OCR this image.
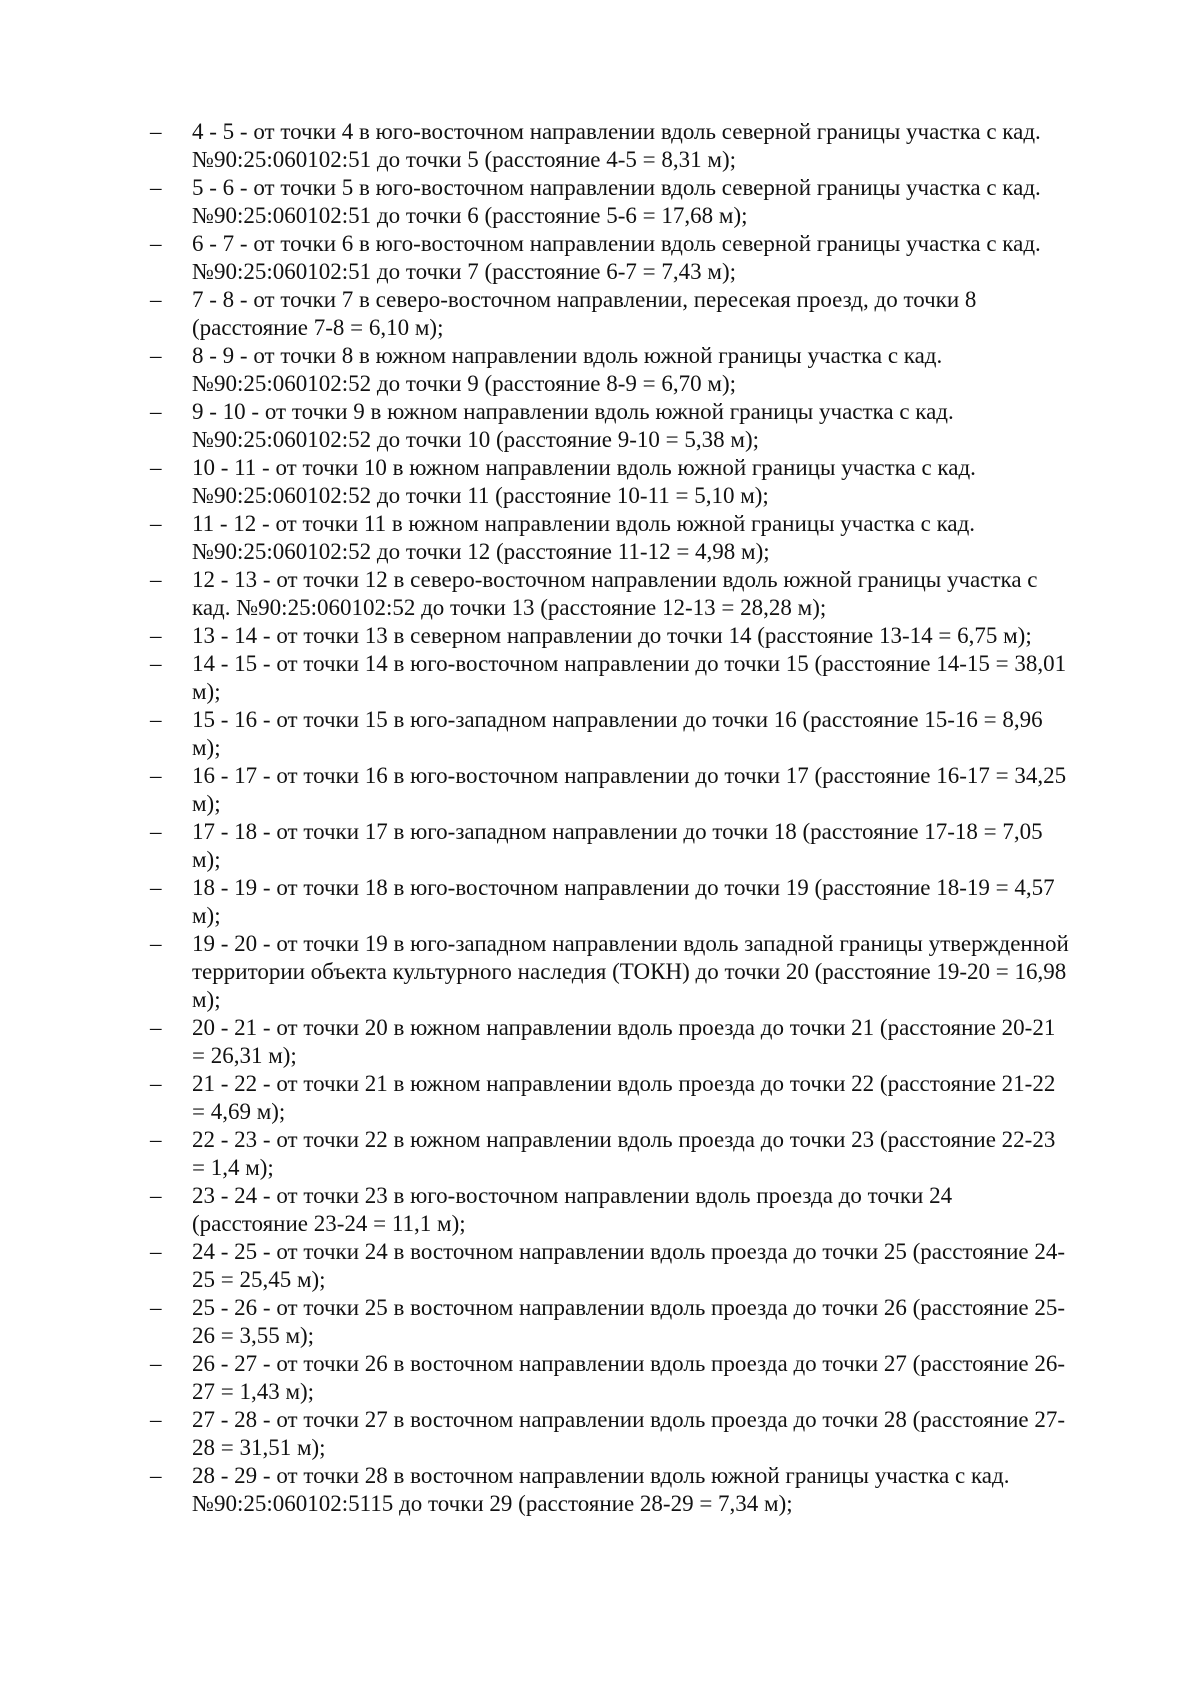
–	4 - 5 - от точки 4 в юго-восточном направлении вдоль северной границы участка с кад.
№90:25:060102:51 до точки 5 (расстояние 4-5 = 8,31 м);
–	5 - 6 - от точки 5 в юго-восточном направлении вдоль северной границы участка с кад.
№90:25:060102:51 до точки 6 (расстояние 5-6 = 17,68 м);
–	6 - 7 - от точки 6 в юго-восточном направлении вдоль северной границы участка с кад.
№90:25:060102:51 до точки 7 (расстояние 6-7 = 7,43 м);
–	7 - 8 - от точки 7 в северо-восточном направлении, пересекая проезд, до точки 8
(расстояние 7-8 = 6,10 м);
–	8 - 9 - от точки 8 в южном направлении вдоль южной границы участка с кад.
№90:25:060102:52 до точки 9 (расстояние 8-9 = 6,70 м);
–	9 - 10 - от точки 9 в южном направлении вдоль южной границы участка с кад.
№90:25:060102:52 до точки 10 (расстояние 9-10 = 5,38 м);
–	10 - 11 - от точки 10 в южном направлении вдоль южной границы участка с кад.
№90:25:060102:52 до точки 11 (расстояние 10-11 = 5,10 м);
–	11 - 12 - от точки 11 в южном направлении вдоль южной границы участка с кад.
№90:25:060102:52 до точки 12 (расстояние 11-12 = 4,98 м);
–	12 - 13 - от точки 12 в северо-восточном направлении вдоль южной границы участка с
кад. №90:25:060102:52 до точки 13 (расстояние 12-13 = 28,28 м);
–	13 - 14 - от точки 13 в северном направлении до точки 14 (расстояние 13-14 = 6,75 м);
–	14 - 15 - от точки 14 в юго-восточном направлении до точки 15 (расстояние 14-15 = 38,01
м);
–	15 - 16 - от точки 15 в юго-западном направлении до точки 16 (расстояние 15-16 = 8,96
м);
–	16 - 17 - от точки 16 в юго-восточном направлении до точки 17 (расстояние 16-17 = 34,25
м);
–	17 - 18 - от точки 17 в юго-западном направлении до точки 18 (расстояние 17-18 = 7,05
м);
–	18 - 19 - от точки 18 в юго-восточном направлении до точки 19 (расстояние 18-19 = 4,57
м);
–	19 - 20 - от точки 19 в юго-западном направлении вдоль западной границы утвержденной
территории объекта культурного наследия (ТОКН) до точки 20 (расстояние 19-20 = 16,98
м);
–	20 - 21 - от точки 20 в южном направлении вдоль проезда до точки 21 (расстояние 20-21
= 26,31 м);
–	21 - 22 - от точки 21 в южном направлении вдоль проезда до точки 22 (расстояние 21-22
= 4,69 м);
–	22 - 23 - от точки 22 в южном направлении вдоль проезда до точки 23 (расстояние 22-23
= 1,4 м);
–	23 - 24 - от точки 23 в юго-восточном направлении вдоль проезда до точки 24
(расстояние 23-24 = 11,1 м);
–	24 - 25 - от точки 24 в восточном направлении вдоль проезда до точки 25 (расстояние 24-
25 = 25,45 м);
–	25 - 26 - от точки 25 в восточном направлении вдоль проезда до точки 26 (расстояние 25-
26 = 3,55 м);
–	26 - 27 - от точки 26 в восточном направлении вдоль проезда до точки 27 (расстояние 26-
27 = 1,43 м);
–	27 - 28 - от точки 27 в восточном направлении вдоль проезда до точки 28 (расстояние 27-
28 = 31,51 м);
–	28 - 29 - от точки 28 в восточном направлении вдоль южной границы участка с кад.
№90:25:060102:5115 до точки 29 (расстояние 28-29 = 7,34 м);
